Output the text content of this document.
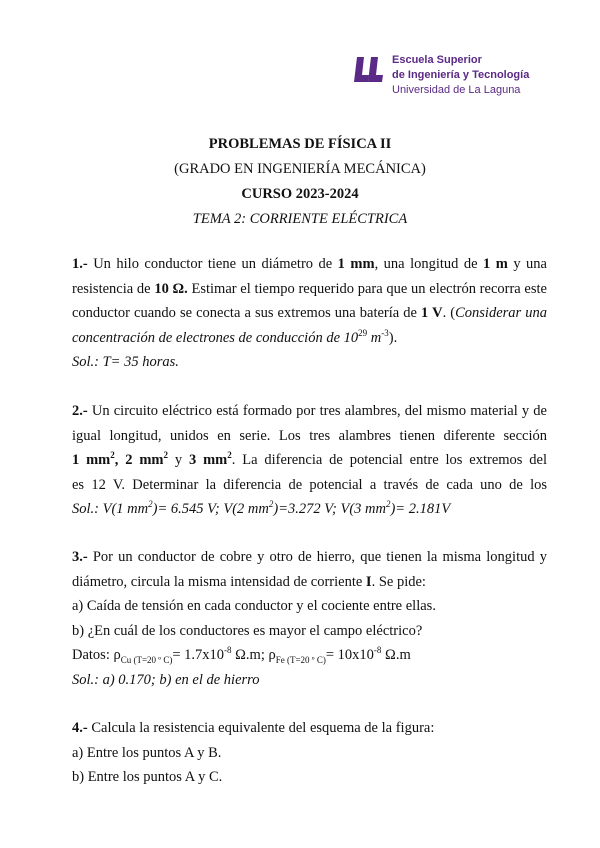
Escuela Superior
de Ingeniería y Tecnología
Universidad de La Laguna
PROBLEMAS DE FÍSICA II
(GRADO EN INGENIERÍA MECÁNICA)
CURSO 2023-2024
TEMA 2: CORRIENTE ELÉCTRICA
1.- Un hilo conductor tiene un diámetro de 1 mm, una longitud de 1 m y una
resistencia de 10 Ω. Estimar el tiempo requerido para que un electrón recorra este
conductor cuando se conecta a sus extremos una batería de 1 V. (Considerar una
concentración de electrones de conducción de $10^{29}$ $m^{-3}$).
Sol.: T= 35 horas.
2.- Un circuito eléctrico está formado por tres alambres, del mismo material y de
igual longitud, unidos en serie. Los tres alambres tienen diferente sección
1 $mm^2$, 2 $mm^2$ y 3 $mm^2$. La diferencia de potencial entre los extremos del
es 12 V. Determinar la diferencia de potencial a través de cada uno de los
Sol.: V(1 $mm^2)= 6.545$ V; V(2 $mm^2)=3.272$ V; V(3 $mm^2)= 2.181V$
3.- Por un conductor de cobre y otro de hierro, que tienen la misma longitud y
diámetro, circula la misma intensidad de corriente I. Se pide:
a) Caída de tensión en cada conductor y el cociente entre ellas.
b) ¿En cuál de los conductores es mayor el campo eléctrico?
Datos: $\rho_{Cu (T=20 º C)}= 1.7x10^{-8}$ Ω.m; $\rho_{Fe (T=20 º C)}= 10x10^{-8}$ Ω.m
Sol.: a) 0.170; b) en el de hierro
4.- Calcula la resistencia equivalente del esquema de la figura:
a) Entre los puntos A y B.
b) Entre los puntos A y C.
